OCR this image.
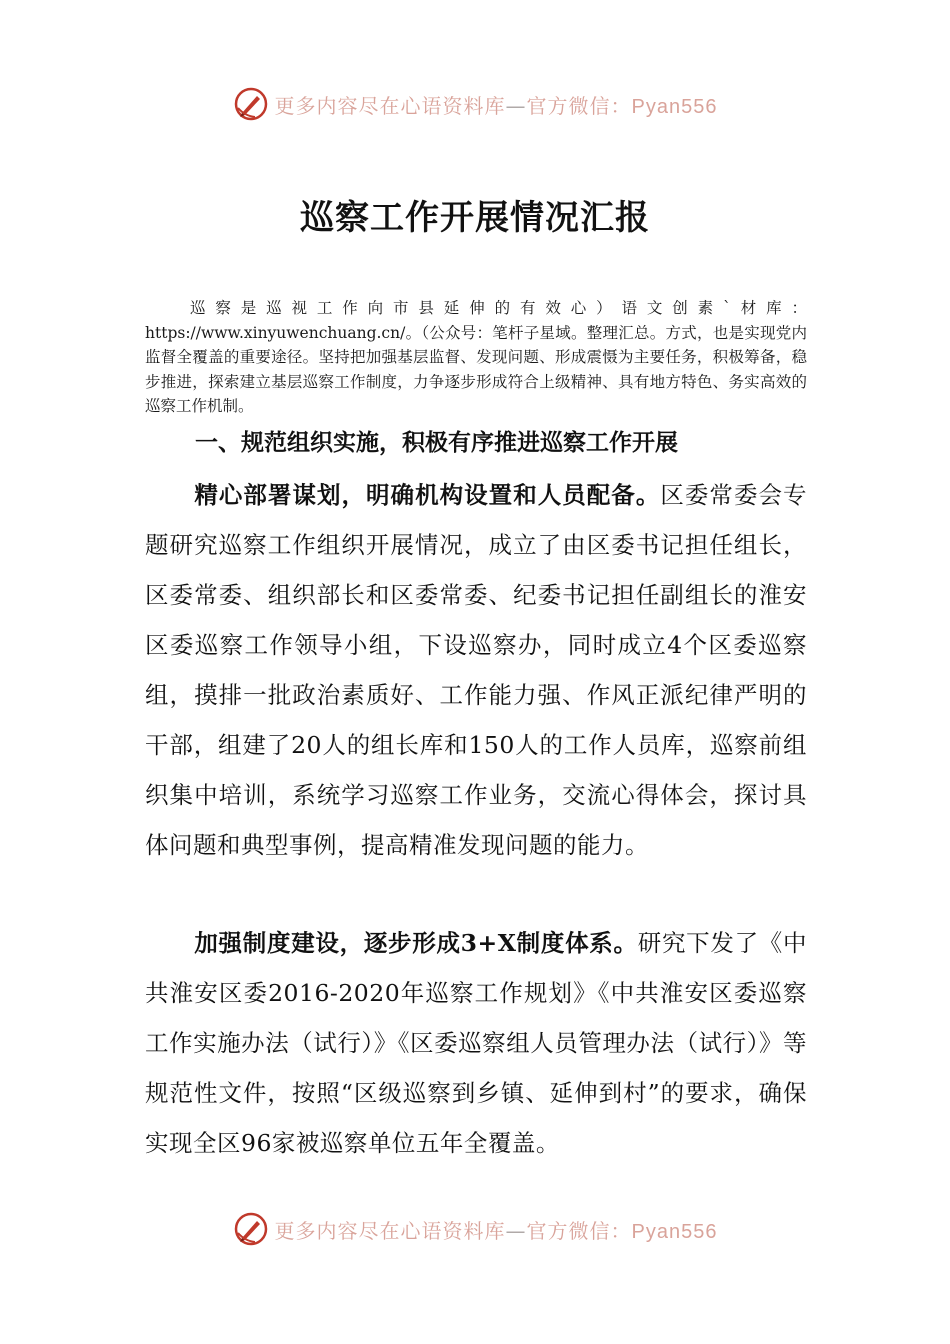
更多内容尽在心语资料库—官方微信：Pyan556
巡察工作开展情况汇报

巡察是巡视工作向市县延伸的有效心）语文创素`材库：https://www.xinyuwenchuang.cn/。（公众号：笔杆子星域。整理汇总。方式，也是实现党内监督全覆盖的重要途径。坚持把加强基层监督、发现问题、形成震慑为主要任务，积极筹备，稳步推进，探索建立基层巡察工作制度，力争逐步形成符合上级精神、具有地方特色、务实高效的巡察工作机制。

一、规范组织实施，积极有序推进巡察工作开展

精心部署谋划，明确机构设置和人员配备。区委常委会专题研究巡察工作组织开展情况，成立了由区委书记担任组长，区委常委、组织部长和区委常委、纪委书记担任副组长的淮安区委巡察工作领导小组，下设巡察办，同时成立4个区委巡察组，摸排一批政治素质好、工作能力强、作风正派纪律严明的干部，组建了20人的组长库和150人的工作人员库，巡察前组织集中培训，系统学习巡察工作业务，交流心得体会，探讨具体问题和典型事例，提高精准发现问题的能力。

加强制度建设，逐步形成3+X制度体系。研究下发了《中共淮安区委2016-2020年巡察工作规划》《中共淮安区委巡察工作实施办法（试行）》《区委巡察组人员管理办法（试行）》等规范性文件，按照“区级巡察到乡镇、延伸到村”的要求，确保实现全区96家被巡察单位五年全覆盖。

更多内容尽在心语资料库—官方微信：Pyan556
